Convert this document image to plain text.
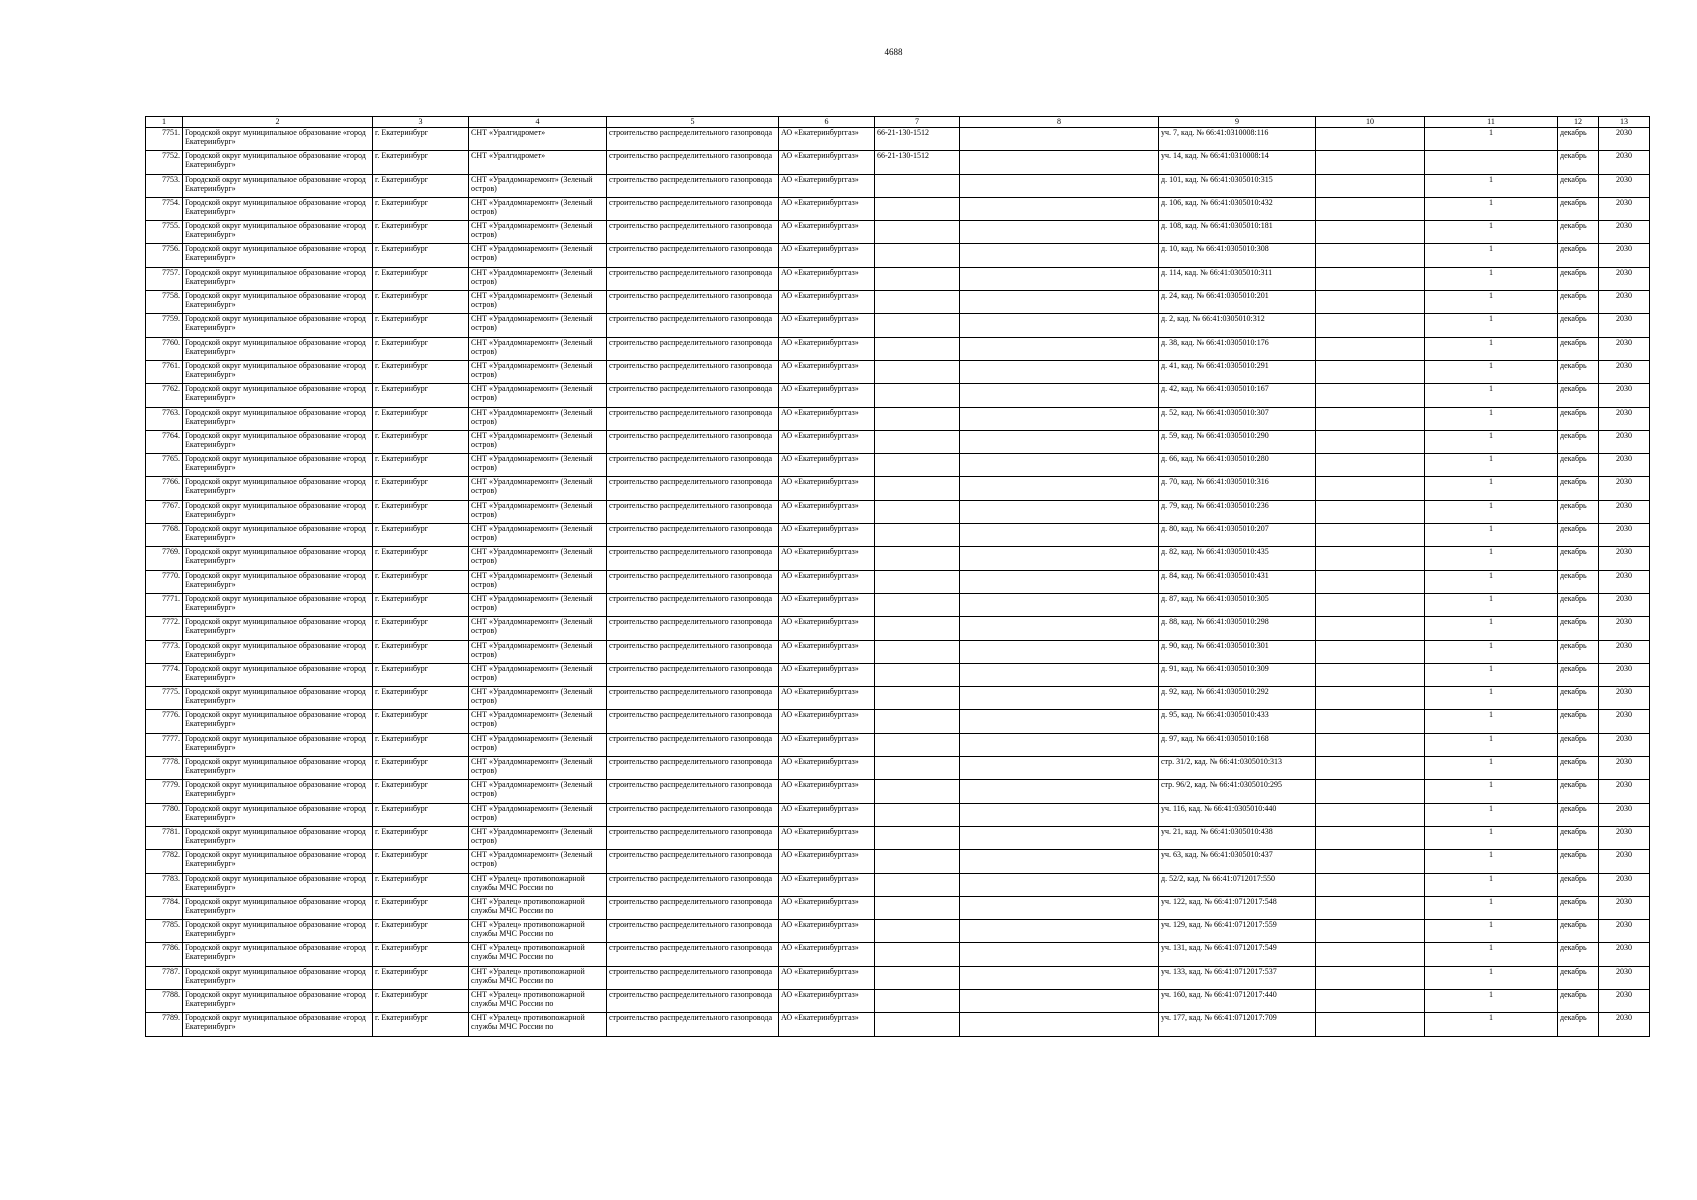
4688
1	2	3	4	5	6	7	8	9	10	11	12	13
7751.	Городской округ муниципальное образование «город Екатеринбург»	г. Екатеринбург	СНТ «Уралгидромет»	строительство распределительного газопровода	АО «Екатеринбурггаз»	66-21-130-1512		уч. 7, кад. № 66:41:0310008:116		1	декабрь	2030
7752.	Городской округ муниципальное образование «город Екатеринбург»	г. Екатеринбург	СНТ «Уралгидромет»	строительство распределительного газопровода	АО «Екатеринбурггаз»	66-21-130-1512		уч. 14, кад. № 66:41:0310008:14			декабрь	2030
7753.	Городской округ муниципальное образование «город Екатеринбург»	г. Екатеринбург	СНТ «Уралдомнаремонт» (Зеленый остров)	строительство распределительного газопровода	АО «Екатеринбурггаз»			д. 101, кад. № 66:41:0305010:315		1	декабрь	2030
7754.	Городской округ муниципальное образование «город Екатеринбург»	г. Екатеринбург	СНТ «Уралдомнаремонт» (Зеленый остров)	строительство распределительного газопровода	АО «Екатеринбурггаз»			д. 106, кад. № 66:41:0305010:432		1	декабрь	2030
7755.	Городской округ муниципальное образование «город Екатеринбург»	г. Екатеринбург	СНТ «Уралдомнаремонт» (Зеленый остров)	строительство распределительного газопровода	АО «Екатеринбурггаз»			д. 108, кад. № 66:41:0305010:181		1	декабрь	2030
7756.	Городской округ муниципальное образование «город Екатеринбург»	г. Екатеринбург	СНТ «Уралдомнаремонт» (Зеленый остров)	строительство распределительного газопровода	АО «Екатеринбурггаз»			д. 10, кад. № 66:41:0305010:308		1	декабрь	2030
7757.	Городской округ муниципальное образование «город Екатеринбург»	г. Екатеринбург	СНТ «Уралдомнаремонт» (Зеленый остров)	строительство распределительного газопровода	АО «Екатеринбурггаз»			д. 114, кад. № 66:41:0305010:311		1	декабрь	2030
7758.	Городской округ муниципальное образование «город Екатеринбург»	г. Екатеринбург	СНТ «Уралдомнаремонт» (Зеленый остров)	строительство распределительного газопровода	АО «Екатеринбурггаз»			д. 24, кад. № 66:41:0305010:201		1	декабрь	2030
7759.	Городской округ муниципальное образование «город Екатеринбург»	г. Екатеринбург	СНТ «Уралдомнаремонт» (Зеленый остров)	строительство распределительного газопровода	АО «Екатеринбурггаз»			д. 2, кад. № 66:41:0305010:312		1	декабрь	2030
7760.	Городской округ муниципальное образование «город Екатеринбург»	г. Екатеринбург	СНТ «Уралдомнаремонт» (Зеленый остров)	строительство распределительного газопровода	АО «Екатеринбурггаз»			д. 38, кад. № 66:41:0305010:176		1	декабрь	2030
7761.	Городской округ муниципальное образование «город Екатеринбург»	г. Екатеринбург	СНТ «Уралдомнаремонт» (Зеленый остров)	строительство распределительного газопровода	АО «Екатеринбурггаз»			д. 41, кад. № 66:41:0305010:291		1	декабрь	2030
7762.	Городской округ муниципальное образование «город Екатеринбург»	г. Екатеринбург	СНТ «Уралдомнаремонт» (Зеленый остров)	строительство распределительного газопровода	АО «Екатеринбурггаз»			д. 42, кад. № 66:41:0305010:167		1	декабрь	2030
7763.	Городской округ муниципальное образование «город Екатеринбург»	г. Екатеринбург	СНТ «Уралдомнаремонт» (Зеленый остров)	строительство распределительного газопровода	АО «Екатеринбурггаз»			д. 52, кад. № 66:41:0305010:307		1	декабрь	2030
7764.	Городской округ муниципальное образование «город Екатеринбург»	г. Екатеринбург	СНТ «Уралдомнаремонт» (Зеленый остров)	строительство распределительного газопровода	АО «Екатеринбурггаз»			д. 59, кад. № 66:41:0305010:290		1	декабрь	2030
7765.	Городской округ муниципальное образование «город Екатеринбург»	г. Екатеринбург	СНТ «Уралдомнаремонт» (Зеленый остров)	строительство распределительного газопровода	АО «Екатеринбурггаз»			д. 66, кад. № 66:41:0305010:280		1	декабрь	2030
7766.	Городской округ муниципальное образование «город Екатеринбург»	г. Екатеринбург	СНТ «Уралдомнаремонт» (Зеленый остров)	строительство распределительного газопровода	АО «Екатеринбурггаз»			д. 70, кад. № 66:41:0305010:316		1	декабрь	2030
7767.	Городской округ муниципальное образование «город Екатеринбург»	г. Екатеринбург	СНТ «Уралдомнаремонт» (Зеленый остров)	строительство распределительного газопровода	АО «Екатеринбурггаз»			д. 79, кад. № 66:41:0305010:236		1	декабрь	2030
7768.	Городской округ муниципальное образование «город Екатеринбург»	г. Екатеринбург	СНТ «Уралдомнаремонт» (Зеленый остров)	строительство распределительного газопровода	АО «Екатеринбурггаз»			д. 80, кад. № 66:41:0305010:207		1	декабрь	2030
7769.	Городской округ муниципальное образование «город Екатеринбург»	г. Екатеринбург	СНТ «Уралдомнаремонт» (Зеленый остров)	строительство распределительного газопровода	АО «Екатеринбурггаз»			д. 82, кад. № 66:41:0305010:435		1	декабрь	2030
7770.	Городской округ муниципальное образование «город Екатеринбург»	г. Екатеринбург	СНТ «Уралдомнаремонт» (Зеленый остров)	строительство распределительного газопровода	АО «Екатеринбурггаз»			д. 84, кад. № 66:41:0305010:431		1	декабрь	2030
7771.	Городской округ муниципальное образование «город Екатеринбург»	г. Екатеринбург	СНТ «Уралдомнаремонт» (Зеленый остров)	строительство распределительного газопровода	АО «Екатеринбурггаз»			д. 87, кад. № 66:41:0305010:305		1	декабрь	2030
7772.	Городской округ муниципальное образование «город Екатеринбург»	г. Екатеринбург	СНТ «Уралдомнаремонт» (Зеленый остров)	строительство распределительного газопровода	АО «Екатеринбурггаз»			д. 88, кад. № 66:41:0305010:298		1	декабрь	2030
7773.	Городской округ муниципальное образование «город Екатеринбург»	г. Екатеринбург	СНТ «Уралдомнаремонт» (Зеленый остров)	строительство распределительного газопровода	АО «Екатеринбурггаз»			д. 90, кад. № 66:41:0305010:301		1	декабрь	2030
7774.	Городской округ муниципальное образование «город Екатеринбург»	г. Екатеринбург	СНТ «Уралдомнаремонт» (Зеленый остров)	строительство распределительного газопровода	АО «Екатеринбурггаз»			д. 91, кад. № 66:41:0305010:309		1	декабрь	2030
7775.	Городской округ муниципальное образование «город Екатеринбург»	г. Екатеринбург	СНТ «Уралдомнаремонт» (Зеленый остров)	строительство распределительного газопровода	АО «Екатеринбурггаз»			д. 92, кад. № 66:41:0305010:292		1	декабрь	2030
7776.	Городской округ муниципальное образование «город Екатеринбург»	г. Екатеринбург	СНТ «Уралдомнаремонт» (Зеленый остров)	строительство распределительного газопровода	АО «Екатеринбурггаз»			д. 95, кад. № 66:41:0305010:433		1	декабрь	2030
7777.	Городской округ муниципальное образование «город Екатеринбург»	г. Екатеринбург	СНТ «Уралдомнаремонт» (Зеленый остров)	строительство распределительного газопровода	АО «Екатеринбурггаз»			д. 97, кад. № 66:41:0305010:168		1	декабрь	2030
7778.	Городской округ муниципальное образование «город Екатеринбург»	г. Екатеринбург	СНТ «Уралдомнаремонт» (Зеленый остров)	строительство распределительного газопровода	АО «Екатеринбурггаз»			стр. 31/2, кад. № 66:41:0305010:313		1	декабрь	2030
7779.	Городской округ муниципальное образование «город Екатеринбург»	г. Екатеринбург	СНТ «Уралдомнаремонт» (Зеленый остров)	строительство распределительного газопровода	АО «Екатеринбурггаз»			стр. 96/2, кад. № 66:41:0305010:295		1	декабрь	2030
7780.	Городской округ муниципальное образование «город Екатеринбург»	г. Екатеринбург	СНТ «Уралдомнаремонт» (Зеленый остров)	строительство распределительного газопровода	АО «Екатеринбурггаз»			уч. 116, кад. № 66:41:0305010:440		1	декабрь	2030
7781.	Городской округ муниципальное образование «город Екатеринбург»	г. Екатеринбург	СНТ «Уралдомнаремонт» (Зеленый остров)	строительство распределительного газопровода	АО «Екатеринбурггаз»			уч. 21, кад. № 66:41:0305010:438		1	декабрь	2030
7782.	Городской округ муниципальное образование «город Екатеринбург»	г. Екатеринбург	СНТ «Уралдомнаремонт» (Зеленый остров)	строительство распределительного газопровода	АО «Екатеринбурггаз»			уч. 63, кад. № 66:41:0305010:437		1	декабрь	2030
7783.	Городской округ муниципальное образование «город Екатеринбург»	г. Екатеринбург	СНТ «Уралец» противопожарной службы МЧС России по	строительство распределительного газопровода	АО «Екатеринбурггаз»			д. 52/2, кад. № 66:41:0712017:550		1	декабрь	2030
7784.	Городской округ муниципальное образование «город Екатеринбург»	г. Екатеринбург	СНТ «Уралец» противопожарной службы МЧС России по	строительство распределительного газопровода	АО «Екатеринбурггаз»			уч. 122, кад. № 66:41:0712017:548		1	декабрь	2030
7785.	Городской округ муниципальное образование «город Екатеринбург»	г. Екатеринбург	СНТ «Уралец» противопожарной службы МЧС России по	строительство распределительного газопровода	АО «Екатеринбурггаз»			уч. 129, кад. № 66:41:0712017:559		1	декабрь	2030
7786.	Городской округ муниципальное образование «город Екатеринбург»	г. Екатеринбург	СНТ «Уралец» противопожарной службы МЧС России по	строительство распределительного газопровода	АО «Екатеринбурггаз»			уч. 131, кад. № 66:41:0712017:549		1	декабрь	2030
7787.	Городской округ муниципальное образование «город Екатеринбург»	г. Екатеринбург	СНТ «Уралец» противопожарной службы МЧС России по	строительство распределительного газопровода	АО «Екатеринбурггаз»			уч. 133, кад. № 66:41:0712017:537		1	декабрь	2030
7788.	Городской округ муниципальное образование «город Екатеринбург»	г. Екатеринбург	СНТ «Уралец» противопожарной службы МЧС России по	строительство распределительного газопровода	АО «Екатеринбурггаз»			уч. 160, кад. № 66:41:0712017:440		1	декабрь	2030
7789.	Городской округ муниципальное образование «город Екатеринбург»	г. Екатеринбург	СНТ «Уралец» противопожарной службы МЧС России по	строительство распределительного газопровода	АО «Екатеринбурггаз»			уч. 177, кад. № 66:41:0712017:709		1	декабрь	2030
